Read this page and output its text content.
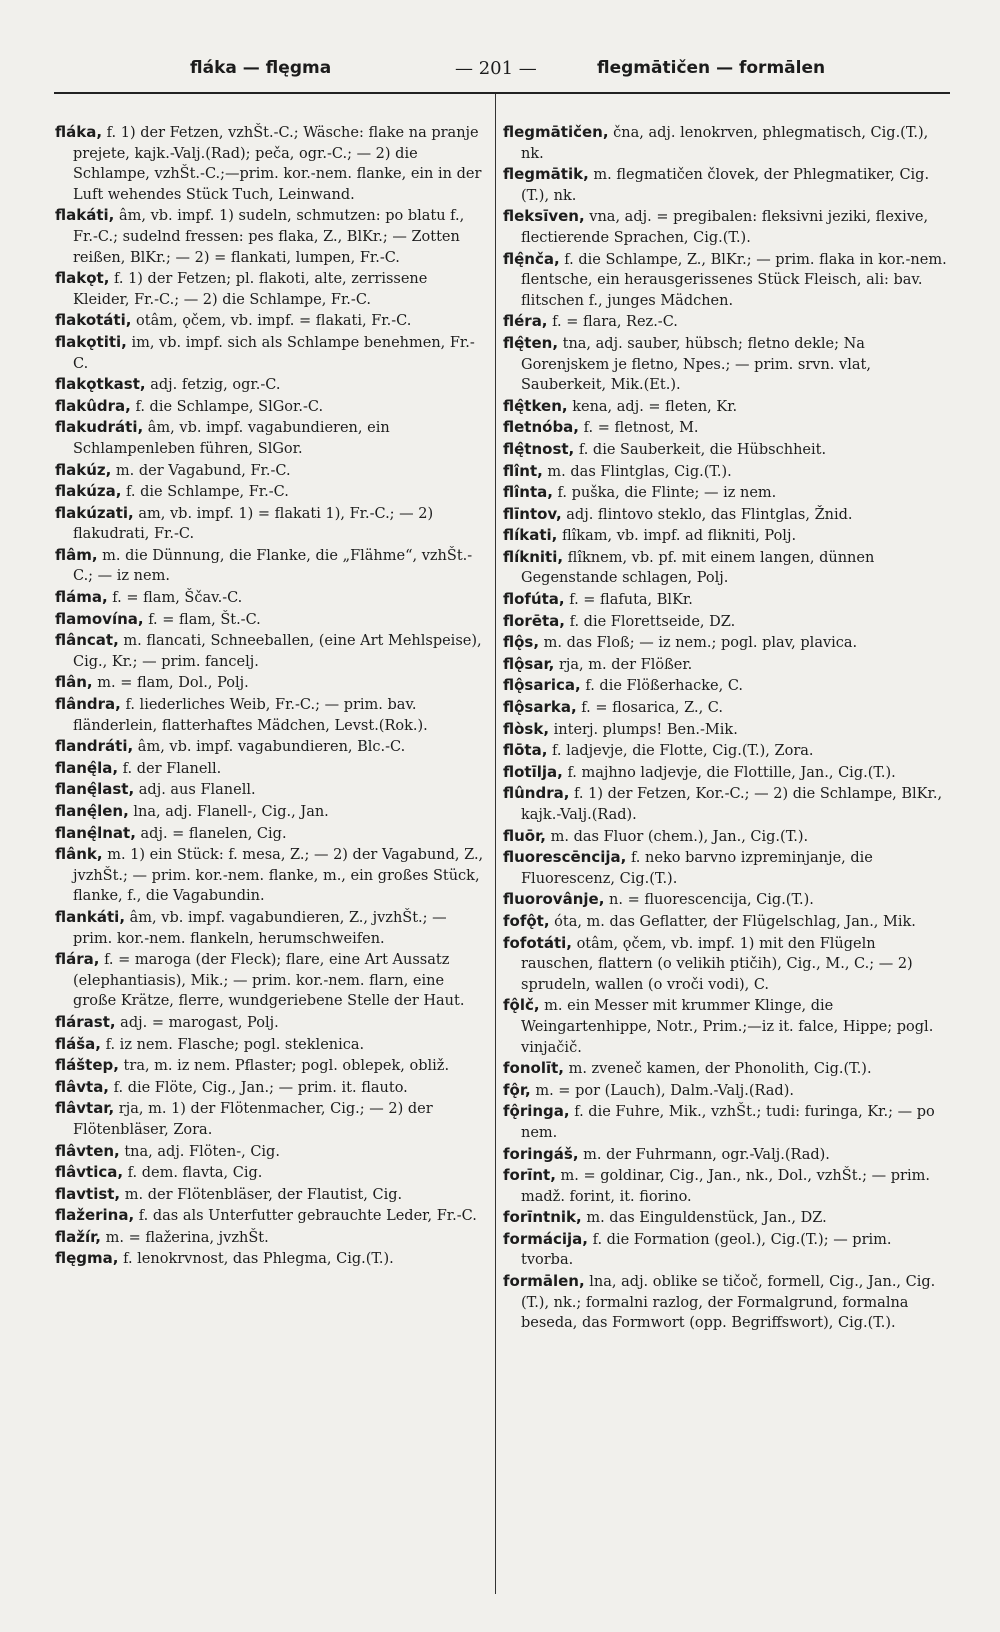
fláka — flęgma	— 201 —	flegmātičen — formālen

fláka, f. 1) der Fetzen, vzhŠt.-C.; Wäsche: flake na pranje prejete, kajk.-Valj.(Rad); peča, ogr.-C.; — 2) die Schlampe, vzhŠt.-C.;—prim. kor.-nem. flanke, ein in der Luft wehendes Stück Tuch, Leinwand.

flakáti, âm, vb. impf. 1) sudeln, schmutzen: po blatu f., Fr.-C.; sudelnd fressen: pes flaka, Z., BlKr.; — Zotten reißen, BlKr.; — 2) = flankati, lumpen, Fr.-C.

flakǫt, f. 1) der Fetzen; pl. flakoti, alte, zerrissene Kleider, Fr.-C.; — 2) die Schlampe, Fr.-C.

flakotáti, otâm, ǫčem, vb. impf. = flakati, Fr.-C.

flakǫtiti, im, vb. impf. sich als Schlampe benehmen, Fr.-C.

flakǫtkast, adj. fetzig, ogr.-C.

flakûdra, f. die Schlampe, SlGor.-C.

flakudráti, âm, vb. impf. vagabundieren, ein Schlampenleben führen, SlGor.

flakúz, m. der Vagabund, Fr.-C.

flakúza, f. die Schlampe, Fr.-C.

flakúzati, am, vb. impf. 1) = flakati 1), Fr.-C.; — 2) flakudrati, Fr.-C.

flâm, m. die Dünnung, die Flanke, die „Flähme“, vzhŠt.-C.; — iz nem.

fláma, f. = flam, Ščav.-C.

flamovína, f. = flam, Št.-C.

flâncat, m. flancati, Schneeballen, (eine Art Mehlspeise), Cig., Kr.; — prim. fancelj.

flân, m. = flam, Dol., Polj.

flândra, f. liederliches Weib, Fr.-C.; — prim. bav. fländerlein, flatterhaftes Mädchen, Levst.(Rok.).

flandráti, âm, vb. impf. vagabundieren, Blc.-C.

flanę̂la, f. der Flanell.

flanę̂last, adj. aus Flanell.

flanę̂len, lna, adj. Flanell-, Cig., Jan.

flanę̂lnat, adj. = flanelen, Cig.

flânk, m. 1) ein Stück: f. mesa, Z.; — 2) der Vagabund, Z., jvzhŠt.; — prim. kor.-nem. flanke, m., ein großes Stück, flanke, f., die Vagabundin.

flankáti, âm, vb. impf. vagabundieren, Z., jvzhŠt.; — prim. kor.-nem. flankeln, herumschweifen.

flára, f. = maroga (der Fleck); flare, eine Art Aussatz (elephantiasis), Mik.; — prim. kor.-nem. flarn, eine große Krätze, flerre, wundgeriebene Stelle der Haut.

flárast, adj. = marogast, Polj.

fláša, f. iz nem. Flasche; pogl. steklenica.

fláštер, tra, m. iz nem. Pflaster; pogl. oblepek, obliž.

flâvta, f. die Flöte, Cig., Jan.; — prim. it. flauto.

flâvtar, rja, m. 1) der Flötenmacher, Cig.; — 2) der Flötenbläser, Zora.

flâvten, tna, adj. Flöten-, Cig.

flâvtica, f. dem. flavta, Cig.

flavtist, m. der Flötenbläser, der Flautist, Cig.

flažerina, f. das als Unterfutter gebrauchte Leder, Fr.-C.

flažír, m. = flažerina, jvzhŠt.

flęgma, f. lenokrvnost, das Phlegma, Cig.(T.).

flegmātičen, čna, adj. lenokrven, phlegmatisch, Cig.(T.), nk.

flegmātik, m. flegmatičen človek, der Phlegmatiker, Cig.(T.), nk.

fleksīven, vna, adj. = pregibalen: fleksivni jeziki, flexive, flectierende Sprachen, Cig.(T.).

flę̂nča, f. die Schlampe, Z., BlKr.; — prim. flaka in kor.-nem. flentsche, ein herausgerissenes Stück Fleisch, ali: bav. flitschen f., junges Mädchen.

fléra, f. = flara, Rez.-C.

flę̂ten, tna, adj. sauber, hübsch; fletno dekle; Na Gorenjskem je fletno, Npes.; — prim. srvn. vlat, Sauberkeit, Mik.(Et.).

flę̂tken, kena, adj. = fleten, Kr.

fletnóba, f. = fletnost, M.

flę̂tnost, f. die Sauberkeit, die Hübschheit.

flînt, m. das Flintglas, Cig.(T.).

flînta, f. puška, die Flinte; — iz nem.

flīntov, adj. flintovo steklo, das Flintglas, Žnid.

flíkati, flîkam, vb. impf. ad flikniti, Polj.

flíkniti, flîknem, vb. pf. mit einem langen, dünnen Gegenstande schlagen, Polj.

flofúta, f. = flafuta, BlKr.

florēta, f. die Florettseide, DZ.

flǫ̂s, m. das Floß; — iz nem.; pogl. plav, plavica.

flǫ̂sar, rja, m. der Flößer.

flǫ̂sarica, f. die Flößerhacke, C.

flǫ̂sarka, f. = flosarica, Z., C.

flòsk, interj. plumps! Ben.-Mik.

flōta, f. ladjevje, die Flotte, Cig.(T.), Zora.

flotīlja, f. majhno ladjevje, die Flottille, Jan., Cig.(T.).

flûndra, f. 1) der Fetzen, Kor.-C.; — 2) die Schlampe, BlKr., kajk.-Valj.(Rad).

fluōr, m. das Fluor (chem.), Jan., Cig.(T.).

fluorescēncija, f. neko barvno izpreminjanje, die Fluorescenz, Cig.(T.).

fluorovânje, n. = fluorescencija, Cig.(T.).

fofǫ̂t, óta, m. das Geflatter, der Flügelschlag, Jan., Mik.

fofotáti, otâm, ǫčem, vb. impf. 1) mit den Flügeln rauschen, flattern (o velikih ptičih), Cig., M., C.; — 2) sprudeln, wallen (o vroči vodi), C.

fǫ̂lč, m. ein Messer mit krummer Klinge, die Weingartenhippe, Notr., Prim.;—iz it. falce, Hippe; pogl. vinjačič.

fonolīt, m. zveneč kamen, der Phonolith, Cig.(T.).

fǫ̂r, m. = por (Lauch), Dalm.-Valj.(Rad).

fǫ̂ringa, f. die Fuhre, Mik., vzhŠt.; tudi: furinga, Kr.; — po nem.

foringáš, m. der Fuhrmann, ogr.-Valj.(Rad).

forīnt, m. = goldinar, Cig., Jan., nk., Dol., vzhŠt.; — prim. madž. forint, it. fiorino.

forīntnik, m. das Einguldenstück, Jan., DZ.

formácija, f. die Formation (geol.), Cig.(T.); — prim. tvorba.

formālen, lna, adj. oblike se tičoč, formell, Cig., Jan., Cig.(T.), nk.; formalni razlog, der Formalgrund, formalna beseda, das Formwort (opp. Begriffswort), Cig.(T.).
